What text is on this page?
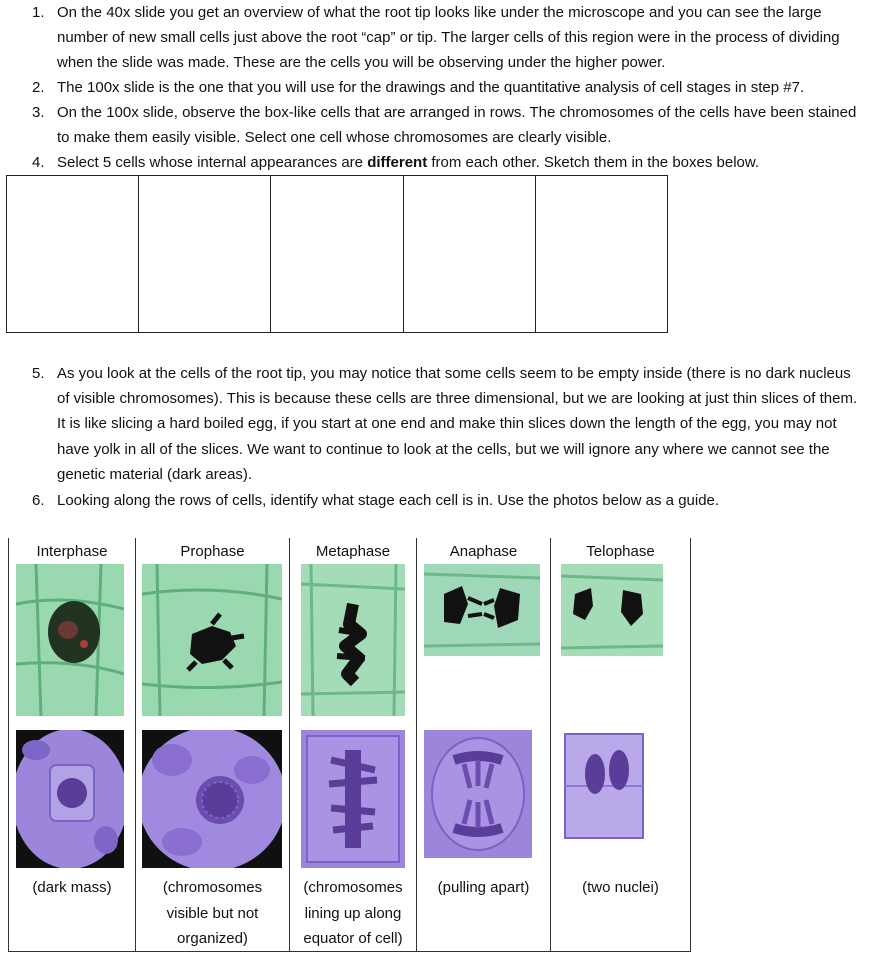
1. On the 40x slide you get an overview of what the root tip looks like under the microscope and you can see the large
number of new small cells just above the root “cap” or tip. The larger cells of this region were in the process of dividing
when the slide was made. These are the cells you will be observing under the higher power.
2. The 100x slide is the one that you will use for the drawings and the quantitative analysis of cell stages in step #7.
3. On the 100x slide, observe the box-like cells that are arranged in rows. The chromosomes of the cells have been stained
to make them easily visible. Select one cell whose chromosomes are clearly visible.
4. Select 5 cells whose internal appearances are different from each other. Sketch them in the boxes below.
5. As you look at the cells of the root tip, you may notice that some cells seem to be empty inside (there is no dark nucleus
of visible chromosomes). This is because these cells are three dimensional, but we are looking at just thin slices of them.
It is like slicing a hard boiled egg, if you start at one end and make thin slices down the length of the egg, you may not
have yolk in all of the slices. We want to continue to look at the cells, but we will ignore any where we cannot see the
genetic material (dark areas).
6. Looking along the rows of cells, identify what stage each cell is in. Use the photos below as a guide.
Interphase
(dark mass)
Prophase
(chromosomes
visible but not
organized)
Metaphase
(chromosomes
lining up along
equator of cell)
Anaphase
(pulling apart)
Telophase
(two nuclei)
